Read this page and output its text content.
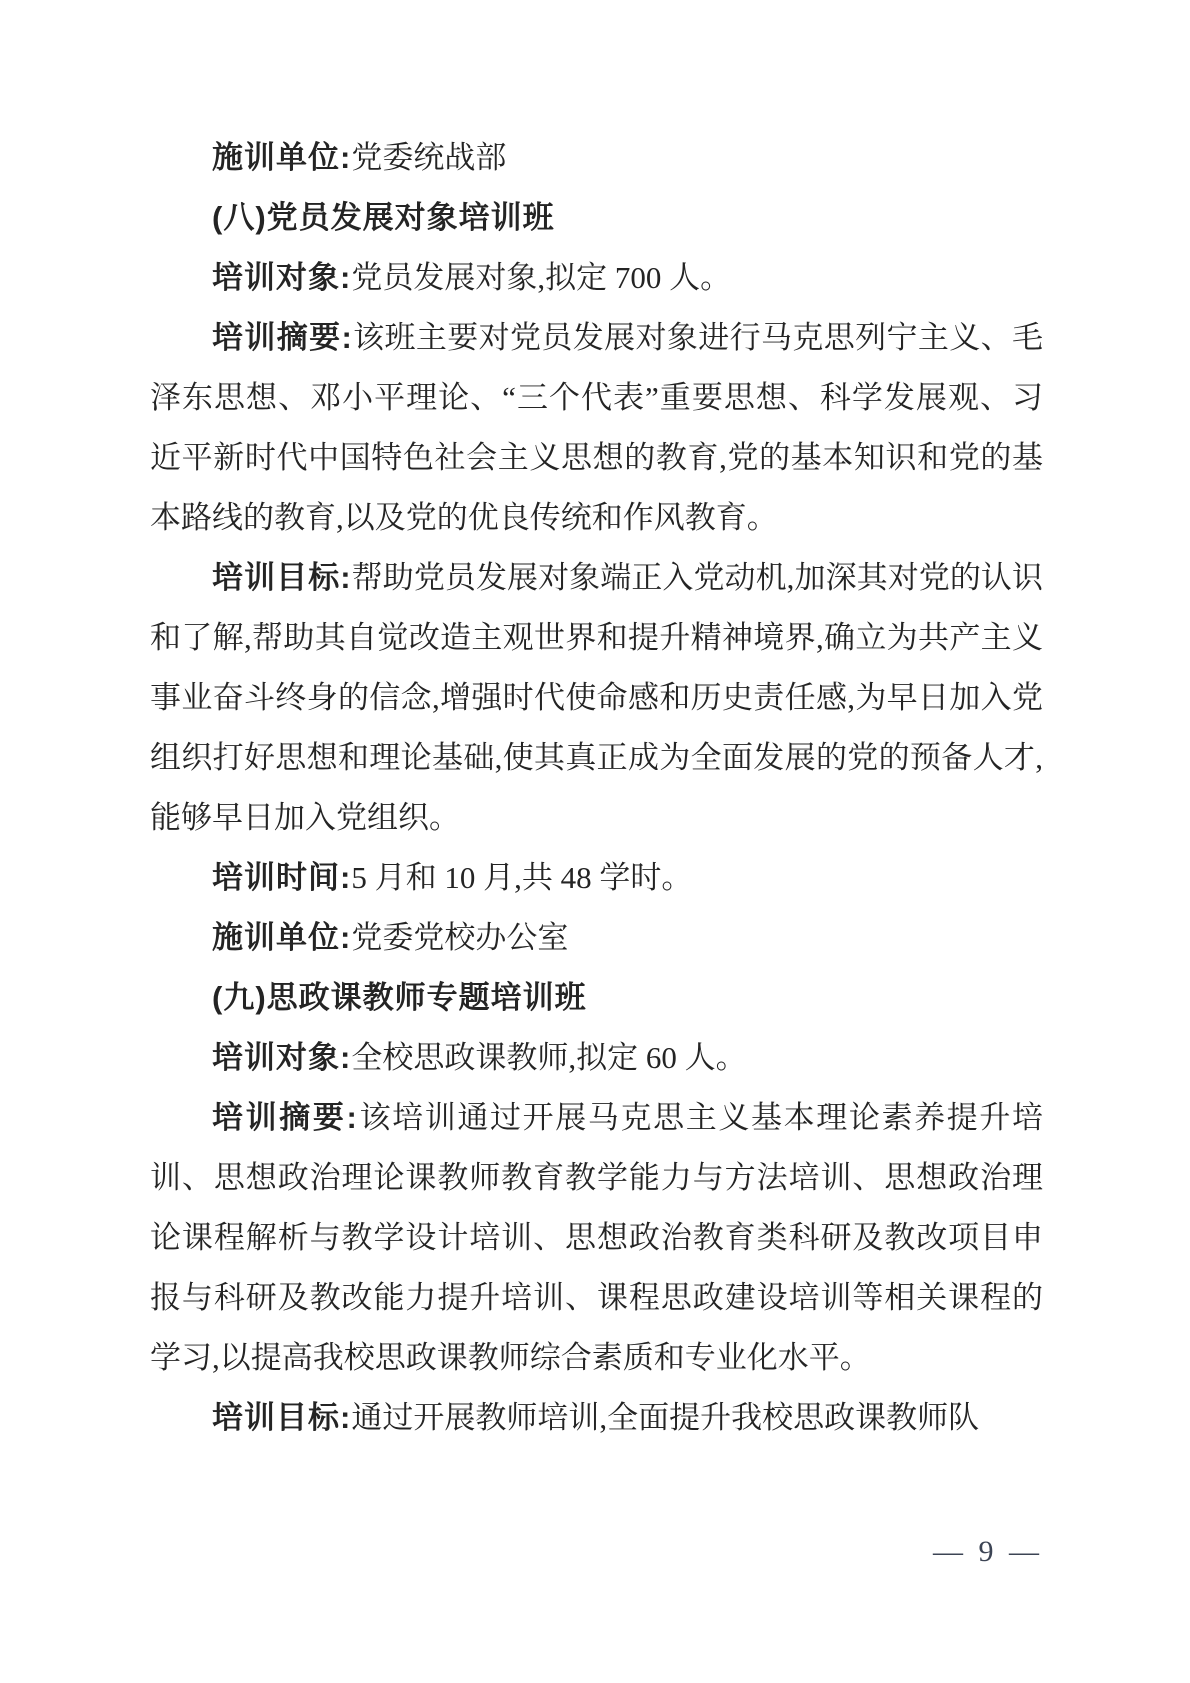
施训单位:党委统战部

(八)党员发展对象培训班

培训对象:党员发展对象,拟定 700 人。

培训摘要:该班主要对党员发展对象进行马克思列宁主义、毛泽东思想、邓小平理论、“三个代表”重要思想、科学发展观、习近平新时代中国特色社会主义思想的教育,党的基本知识和党的基本路线的教育,以及党的优良传统和作风教育。

培训目标:帮助党员发展对象端正入党动机,加深其对党的认识和了解,帮助其自觉改造主观世界和提升精神境界,确立为共产主义事业奋斗终身的信念,增强时代使命感和历史责任感,为早日加入党组织打好思想和理论基础,使其真正成为全面发展的党的预备人才,能够早日加入党组织。

培训时间:5 月和 10 月,共 48 学时。

施训单位:党委党校办公室

(九)思政课教师专题培训班

培训对象:全校思政课教师,拟定 60 人。

培训摘要:该培训通过开展马克思主义基本理论素养提升培训、思想政治理论课教师教育教学能力与方法培训、思想政治理论课程解析与教学设计培训、思想政治教育类科研及教改项目申报与科研及教改能力提升培训、课程思政建设培训等相关课程的学习,以提高我校思政课教师综合素质和专业化水平。

培训目标:通过开展教师培训,全面提升我校思政课教师队

— 9 —
